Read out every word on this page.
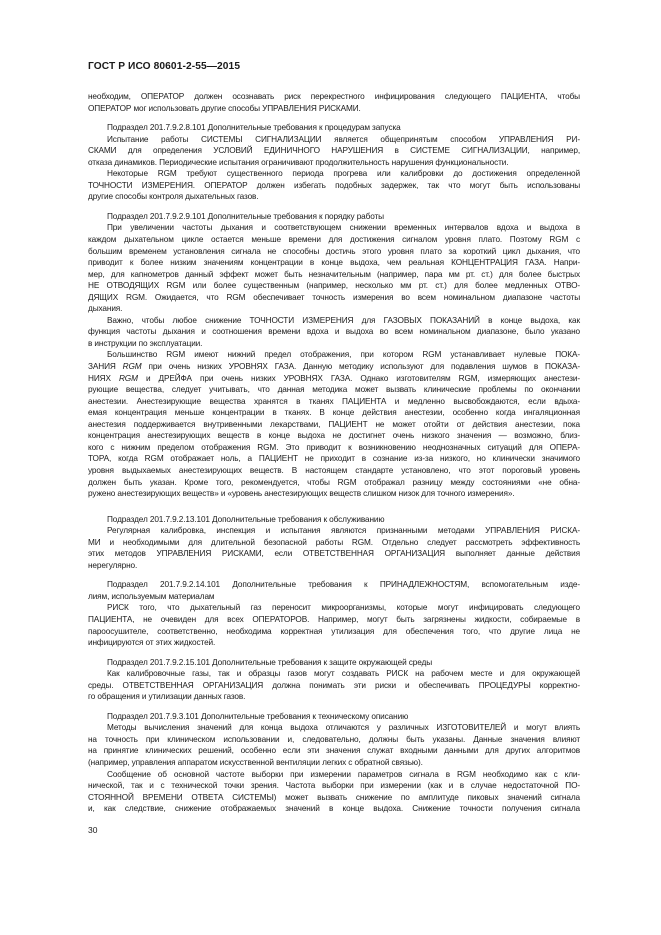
ГОСТ Р ИСО 80601-2-55—2015
необходим, ОПЕРАТОР должен осознавать риск перекрестного инфицирования следующего ПАЦИЕНТА, чтобы
ОПЕРАТОР мог использовать другие способы УПРАВЛЕНИЯ РИСКАМИ.
Подраздел 201.7.9.2.8.101 Дополнительные требования к процедурам запуска
Испытание работы СИСТЕМЫ СИГНАЛИЗАЦИИ является общепринятым способом УПРАВЛЕНИЯ РИ-
СКАМИ для определения УСЛОВИЙ ЕДИНИЧНОГО НАРУШЕНИЯ в СИСТЕМЕ СИГНАЛИЗАЦИИ, например,
отказа динамиков. Периодические испытания ограничивают продолжительность нарушения функциональности.
Некоторые RGM требуют существенного периода прогрева или калибровки до достижения определенной
ТОЧНОСТИ ИЗМЕРЕНИЯ. ОПЕРАТОР должен избегать подобных задержек, так что могут быть использованы
другие способы контроля дыхательных газов.
Подраздел 201.7.9.2.9.101 Дополнительные требования к порядку работы
При увеличении частоты дыхания и соответствующем снижении временных интервалов вдоха и выдоха в
каждом дыхательном цикле остается меньше времени для достижения сигналом уровня плато. Поэтому RGM с
большим временем установления сигнала не способны достичь этого уровня плато за короткий цикл дыхания, что
приводит к более низким значениям концентрации в конце выдоха, чем реальная КОНЦЕНТРАЦИЯ ГАЗА. Напри-
мер, для капнометров данный эффект может быть незначительным (например, пара мм рт. ст.) для более быстрых
НЕ ОТВОДЯЩИХ RGM или более существенным (например, несколько мм рт. ст.) для более медленных ОТВО-
ДЯЩИХ RGM. Ожидается, что RGM обеспечивает точность измерения во всем номинальном диапазоне частоты
дыхания.
Важно, чтобы любое снижение ТОЧНОСТИ ИЗМЕРЕНИЯ для ГАЗОВЫХ ПОКАЗАНИЙ в конце выдоха, как
функция частоты дыхания и соотношения времени вдоха и выдоха во всем номинальном диапазоне, было указано
в инструкции по эксплуатации.
Большинство RGM имеют нижний предел отображения, при котором RGM устанавливает нулевые ПОКА-
ЗАНИЯ RGM при очень низких УРОВНЯХ ГАЗА. Данную методику используют для подавления шумов в ПОКАЗА-
НИЯХ RGM и ДРЕЙФА при очень низких УРОВНЯХ ГАЗА. Однако изготовителям RGM, измеряющих анестези-
рующие вещества, следует учитывать, что данная методика может вызвать клинические проблемы по окончании
анестезии. Анестезирующие вещества хранятся в тканях ПАЦИЕНТА и медленно высвобождаются, если вдыха-
емая концентрация меньше концентрации в тканях. В конце действия анестезии, особенно когда ингаляционная
анестезия поддерживается внутривенными лекарствами, ПАЦИЕНТ не может отойти от действия анестезии, пока
концентрация анестезирующих веществ в конце выдоха не достигнет очень низкого значения — возможно, близ-
кого с нижним пределом отображения RGM. Это приводит к возникновению неоднозначных ситуаций для ОПЕРА-
ТОРА, когда RGM отображает ноль, а ПАЦИЕНТ не приходит в сознание из-за низкого, но клинически значимого
уровня выдыхаемых анестезирующих веществ. В настоящем стандарте установлено, что этот пороговый уровень
должен быть указан. Кроме того, рекомендуется, чтобы RGM отображал разницу между состояниями «не обна-
ружено анестезирующих веществ» и «уровень анестезирующих веществ слишком низок для точного измерения».
Подраздел 201.7.9.2.13.101 Дополнительные требования к обслуживанию
Регулярная калибровка, инспекция и испытания являются признанными методами УПРАВЛЕНИЯ РИСКА-
МИ и необходимыми для длительной безопасной работы RGM. Отдельно следует рассмотреть эффективность
этих методов УПРАВЛЕНИЯ РИСКАМИ, если ОТВЕТСТВЕННАЯ ОРГАНИЗАЦИЯ выполняет данные действия
нерегулярно.
Подраздел 201.7.9.2.14.101 Дополнительные требования к ПРИНАДЛЕЖНОСТЯМ, вспомогательным изде-
лиям, используемым материалам
РИСК того, что дыхательный газ переносит микроорганизмы, которые могут инфицировать следующего
ПАЦИЕНТА, не очевиден для всех ОПЕРАТОРОВ. Например, могут быть загрязнены жидкости, собираемые в
пароосушителе, соответственно, необходима корректная утилизация для обеспечения того, что другие лица не
инфицируются от этих жидкостей.
Подраздел 201.7.9.2.15.101 Дополнительные требования к защите окружающей среды
Как калибровочные газы, так и образцы газов могут создавать РИСК на рабочем месте и для окружающей
среды. ОТВЕТСТВЕННАЯ ОРГАНИЗАЦИЯ должна понимать эти риски и обеспечивать ПРОЦЕДУРЫ корректно-
го обращения и утилизации данных газов.
Подраздел 201.7.9.3.101 Дополнительные требования к техническому описанию
Методы вычисления значений для конца выдоха отличаются у различных ИЗГОТОВИТЕЛЕЙ и могут влиять
на точность при клиническом использовании и, следовательно, должны быть указаны. Данные значения влияют
на принятие клинических решений, особенно если эти значения служат входными данными для других алгоритмов
(например, управления аппаратом искусственной вентиляции легких с обратной связью).
Сообщение об основной частоте выборки при измерении параметров сигнала в RGM необходимо как с кли-
нической, так и с технической точки зрения. Частота выборки при измерении (как и в случае недостаточной ПО-
СТОЯННОЙ ВРЕМЕНИ ОТВЕТА СИСТЕМЫ) может вызвать снижение по амплитуде пиковых значений сигнала
и, как следствие, снижение отображаемых значений в конце выдоха. Снижение точности получения сигнала
30
